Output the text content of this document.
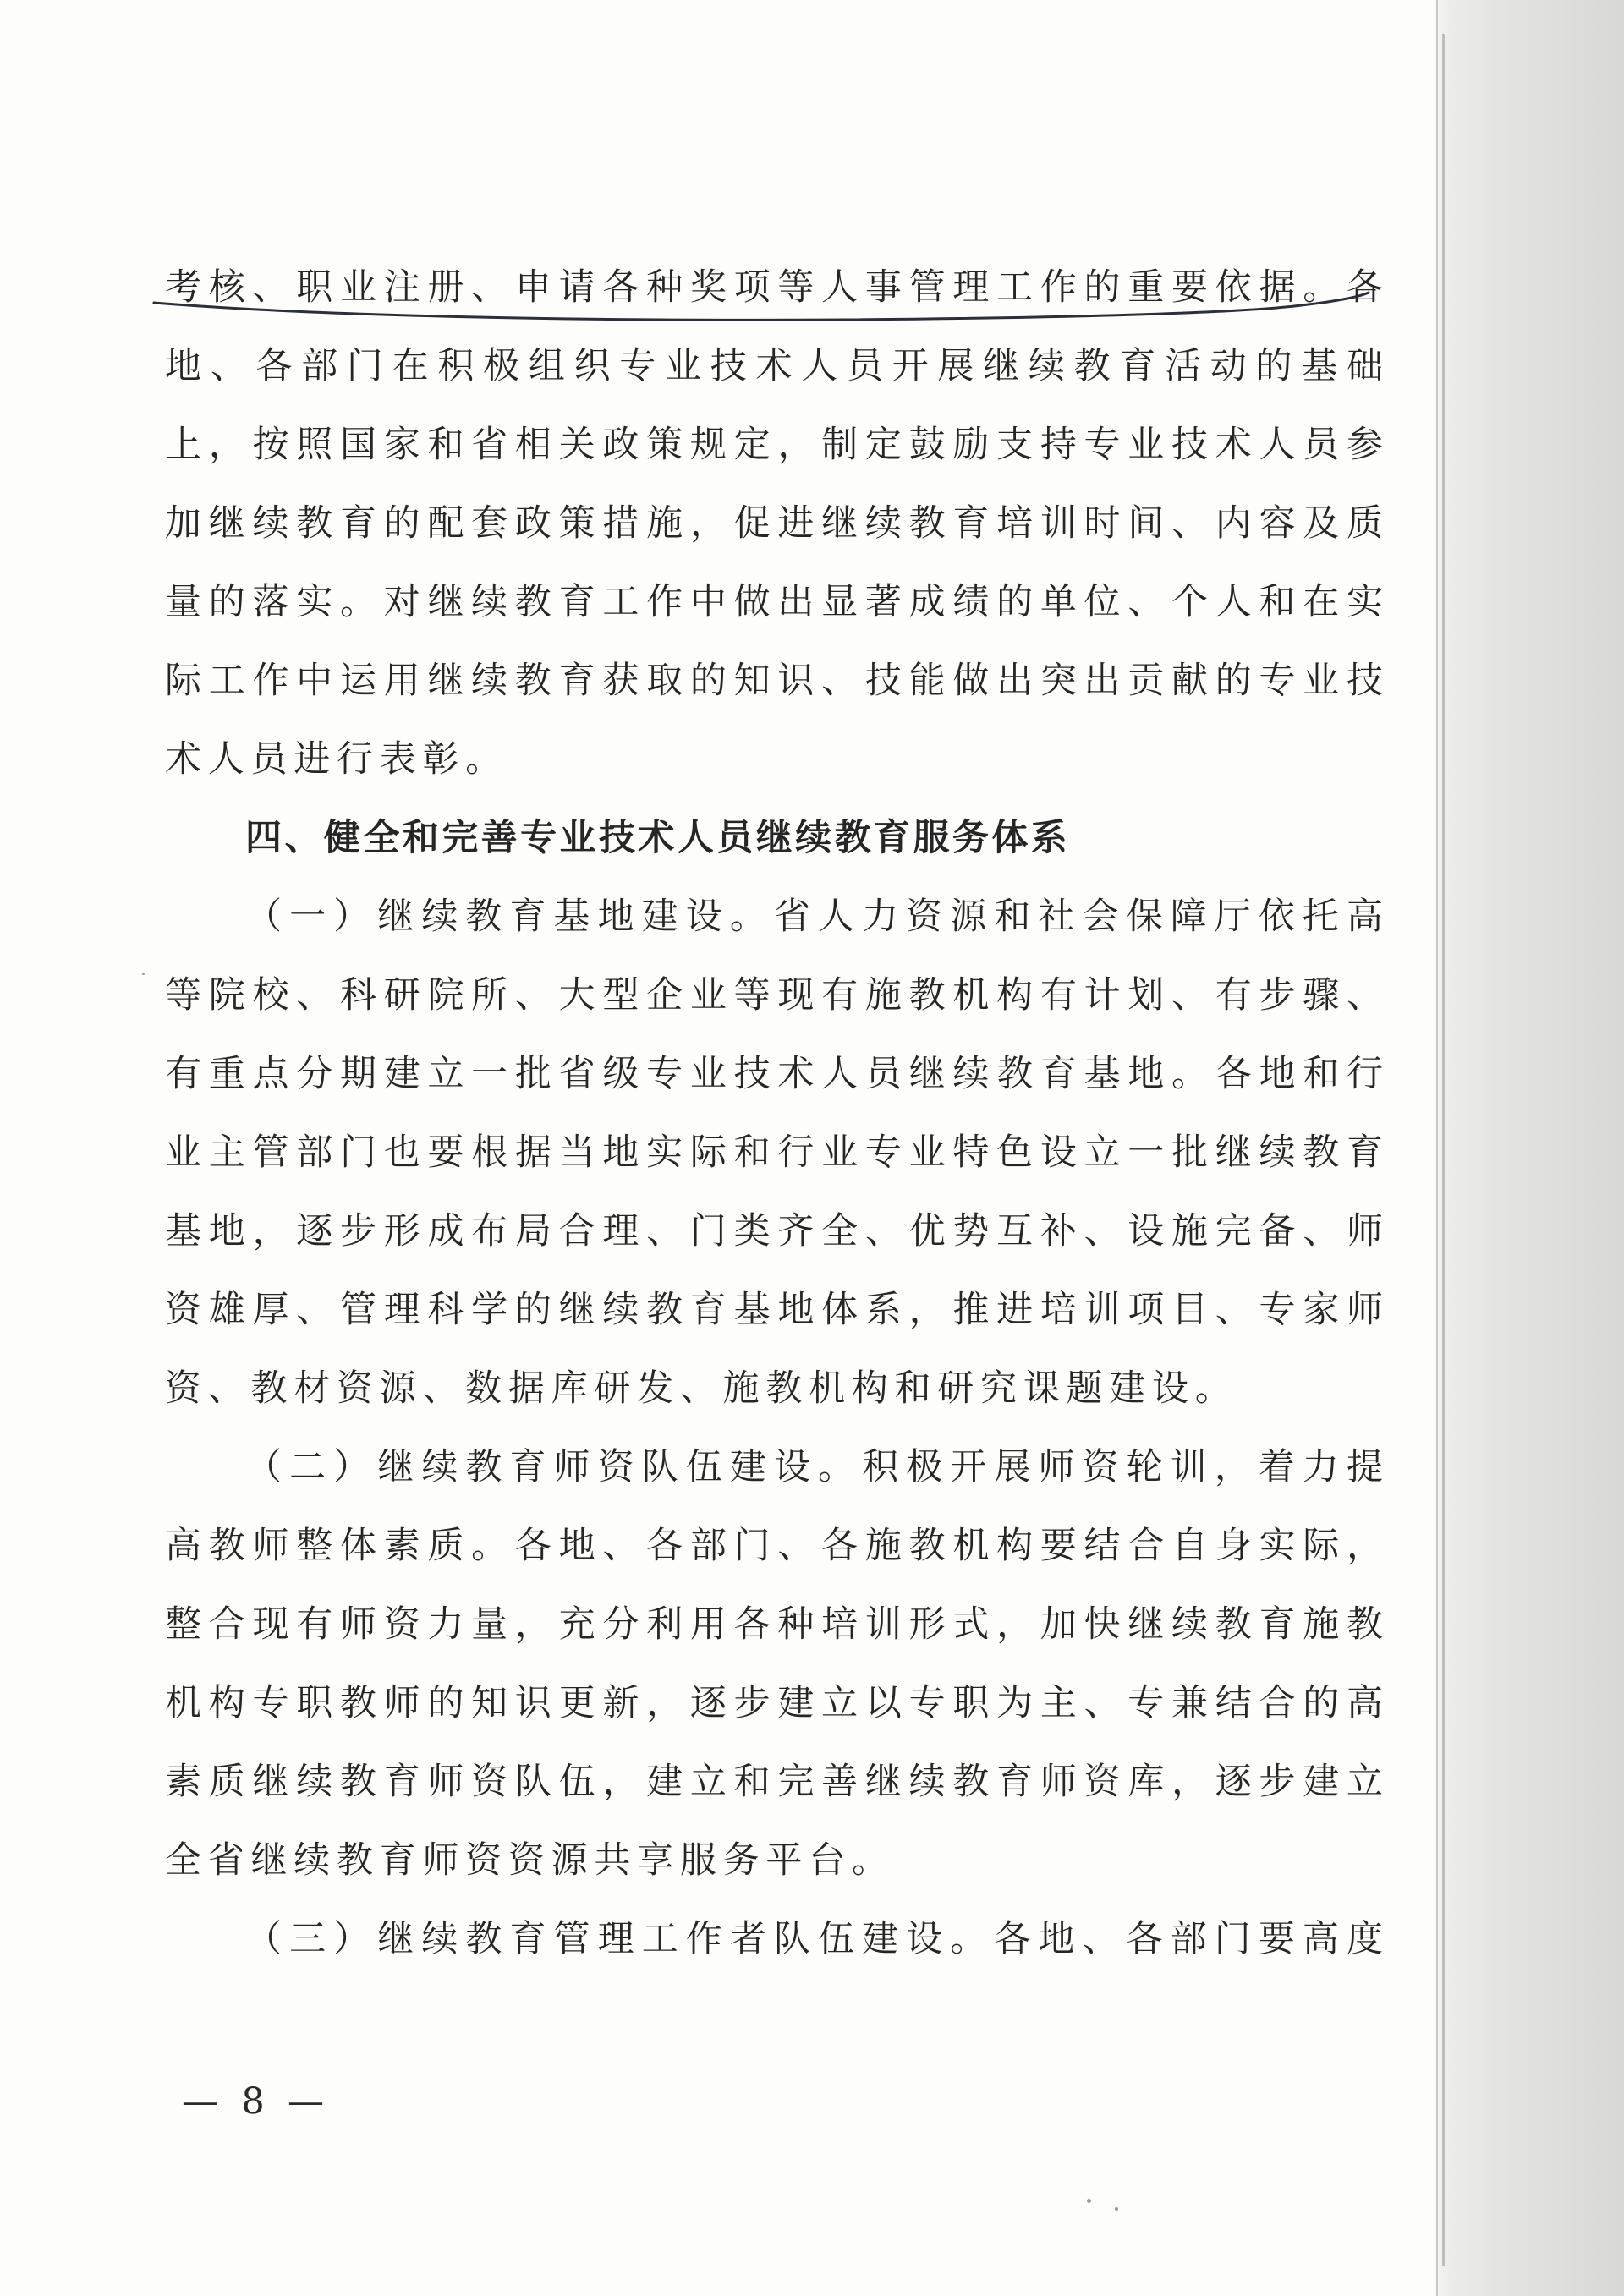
考核、职业注册、申请各种奖项等人事管理工作的重要依据。各
地、各部门在积极组织专业技术人员开展继续教育活动的基础
上，按照国家和省相关政策规定，制定鼓励支持专业技术人员参
加继续教育的配套政策措施，促进继续教育培训时间、内容及质
量的落实。对继续教育工作中做出显著成绩的单位、个人和在实
际工作中运用继续教育获取的知识、技能做出突出贡献的专业技
术人员进行表彰。
四、健全和完善专业技术人员继续教育服务体系
（一）继续教育基地建设。省人力资源和社会保障厅依托高
等院校、科研院所、大型企业等现有施教机构有计划、有步骤、
有重点分期建立一批省级专业技术人员继续教育基地。各地和行
业主管部门也要根据当地实际和行业专业特色设立一批继续教育
基地，逐步形成布局合理、门类齐全、优势互补、设施完备、师
资雄厚、管理科学的继续教育基地体系，推进培训项目、专家师
资、教材资源、数据库研发、施教机构和研究课题建设。
（二）继续教育师资队伍建设。积极开展师资轮训，着力提
高教师整体素质。各地、各部门、各施教机构要结合自身实际，
整合现有师资力量，充分利用各种培训形式，加快继续教育施教
机构专职教师的知识更新，逐步建立以专职为主、专兼结合的高
素质继续教育师资队伍，建立和完善继续教育师资库，逐步建立
全省继续教育师资资源共享服务平台。
（三）继续教育管理工作者队伍建设。各地、各部门要高度
—  8  —
